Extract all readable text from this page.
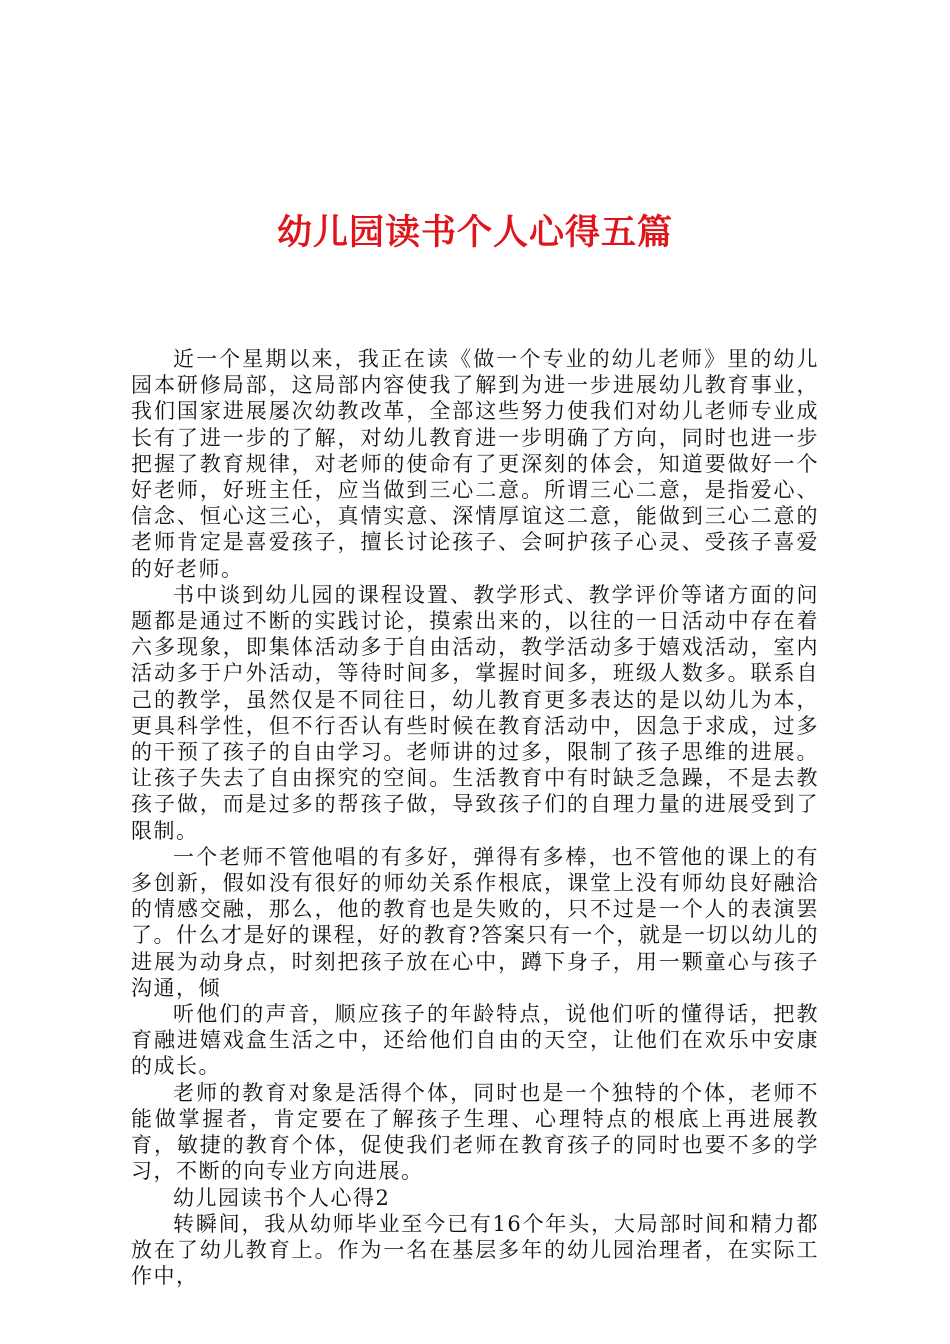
幼儿园读书个人心得五篇

近一个星期以来，我正在读《做一个专业的幼儿老师》里的幼儿园本研修局部，这局部内容使我了解到为进一步进展幼儿教育事业，我们国家进展屡次幼教改革，全部这些努力使我们对幼儿老师专业成长有了进一步的了解，对幼儿教育进一步明确了方向，同时也进一步把握了教育规律，对老师的使命有了更深刻的体会，知道要做好一个好老师，好班主任，应当做到三心二意。所谓三心二意，是指爱心、信念、恒心这三心，真情实意、深情厚谊这二意，能做到三心二意的老师肯定是喜爱孩子，擅长讨论孩子、会呵护孩子心灵、受孩子喜爱的好老师。

书中谈到幼儿园的课程设置、教学形式、教学评价等诸方面的问题都是通过不断的实践讨论，摸索出来的，以往的一日活动中存在着六多现象，即集体活动多于自由活动，教学活动多于嬉戏活动，室内活动多于户外活动，等待时间多，掌握时间多，班级人数多。联系自己的教学，虽然仅是不同往日，幼儿教育更多表达的是以幼儿为本，更具科学性，但不行否认有些时候在教育活动中，因急于求成，过多的干预了孩子的自由学习。老师讲的过多，限制了孩子思维的进展。让孩子失去了自由探究的空间。生活教育中有时缺乏急躁，不是去教孩子做，而是过多的帮孩子做，导致孩子们的自理力量的进展受到了限制。

一个老师不管他唱的有多好，弹得有多棒，也不管他的课上的有多创新，假如没有很好的师幼关系作根底，课堂上没有师幼良好融洽的情感交融，那么，他的教育也是失败的，只不过是一个人的表演罢了。什么才是好的课程，好的教育?答案只有一个，就是一切以幼儿的进展为动身点，时刻把孩子放在心中，蹲下身子，用一颗童心与孩子沟通，倾

听他们的声音，顺应孩子的年龄特点，说他们听的懂得话，把教育融进嬉戏盒生活之中，还给他们自由的天空，让他们在欢乐中安康的成长。

老师的教育对象是活得个体，同时也是一个独特的个体，老师不能做掌握者，肯定要在了解孩子生理、心理特点的根底上再进展教育，敏捷的教育个体，促使我们老师在教育孩子的同时也要不多的学习，不断的向专业方向进展。

幼儿园读书个人心得2

转瞬间，我从幼师毕业至今已有16个年头，大局部时间和精力都放在了幼儿教育上。作为一名在基层多年的幼儿园治理者，在实际工作中，
